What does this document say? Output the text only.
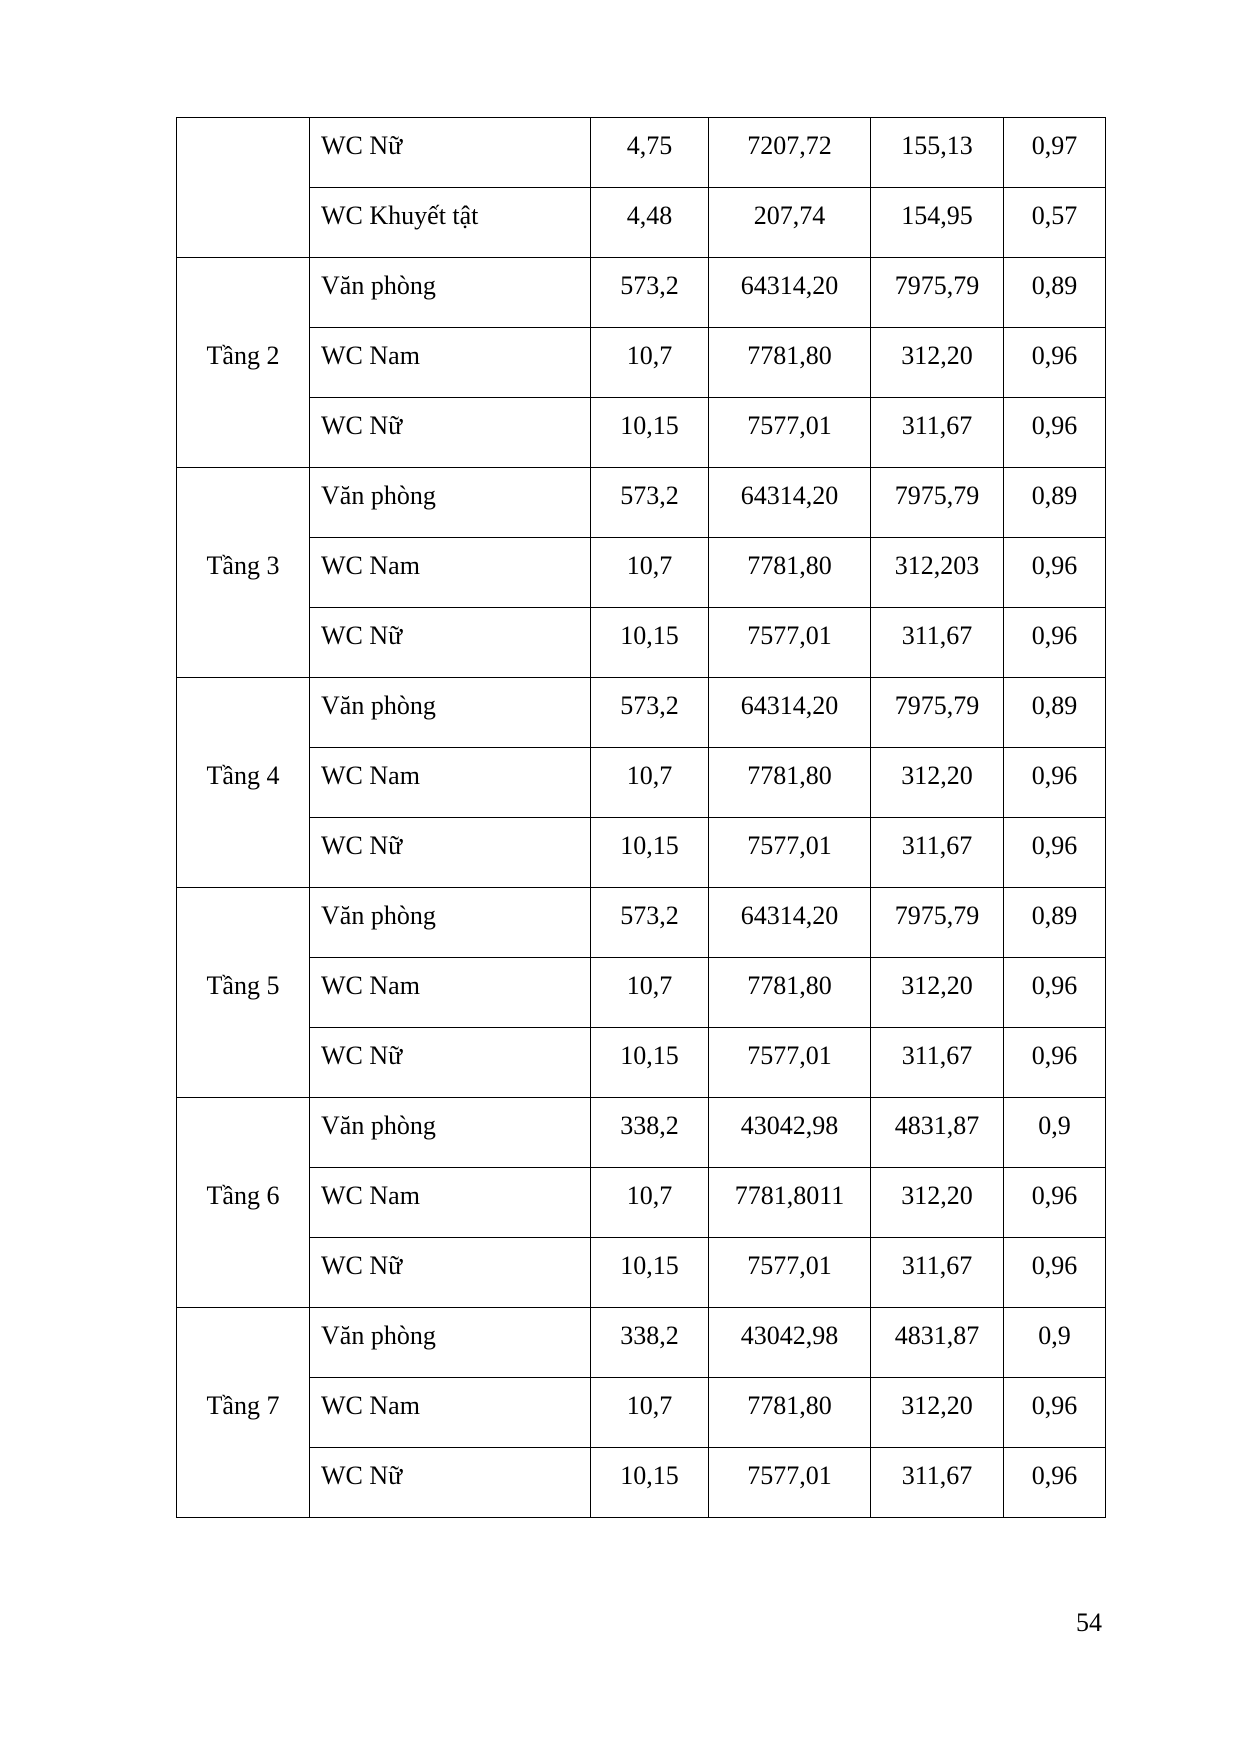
	WC Nữ	4,75	7207,72	155,13	0,97
	WC Khuyết tật	4,48	207,74	154,95	0,57
Tầng 2	Văn phòng	573,2	64314,20	7975,79	0,89
	WC Nam	10,7	7781,80	312,20	0,96
	WC Nữ	10,15	7577,01	311,67	0,96
Tầng 3	Văn phòng	573,2	64314,20	7975,79	0,89
	WC Nam	10,7	7781,80	312,203	0,96
	WC Nữ	10,15	7577,01	311,67	0,96
Tầng 4	Văn phòng	573,2	64314,20	7975,79	0,89
	WC Nam	10,7	7781,80	312,20	0,96
	WC Nữ	10,15	7577,01	311,67	0,96
Tầng 5	Văn phòng	573,2	64314,20	7975,79	0,89
	WC Nam	10,7	7781,80	312,20	0,96
	WC Nữ	10,15	7577,01	311,67	0,96
Tầng 6	Văn phòng	338,2	43042,98	4831,87	0,9
	WC Nam	10,7	7781,8011	312,20	0,96
	WC Nữ	10,15	7577,01	311,67	0,96
Tầng 7	Văn phòng	338,2	43042,98	4831,87	0,9
	WC Nam	10,7	7781,80	312,20	0,96
	WC Nữ	10,15	7577,01	311,67	0,96
54
